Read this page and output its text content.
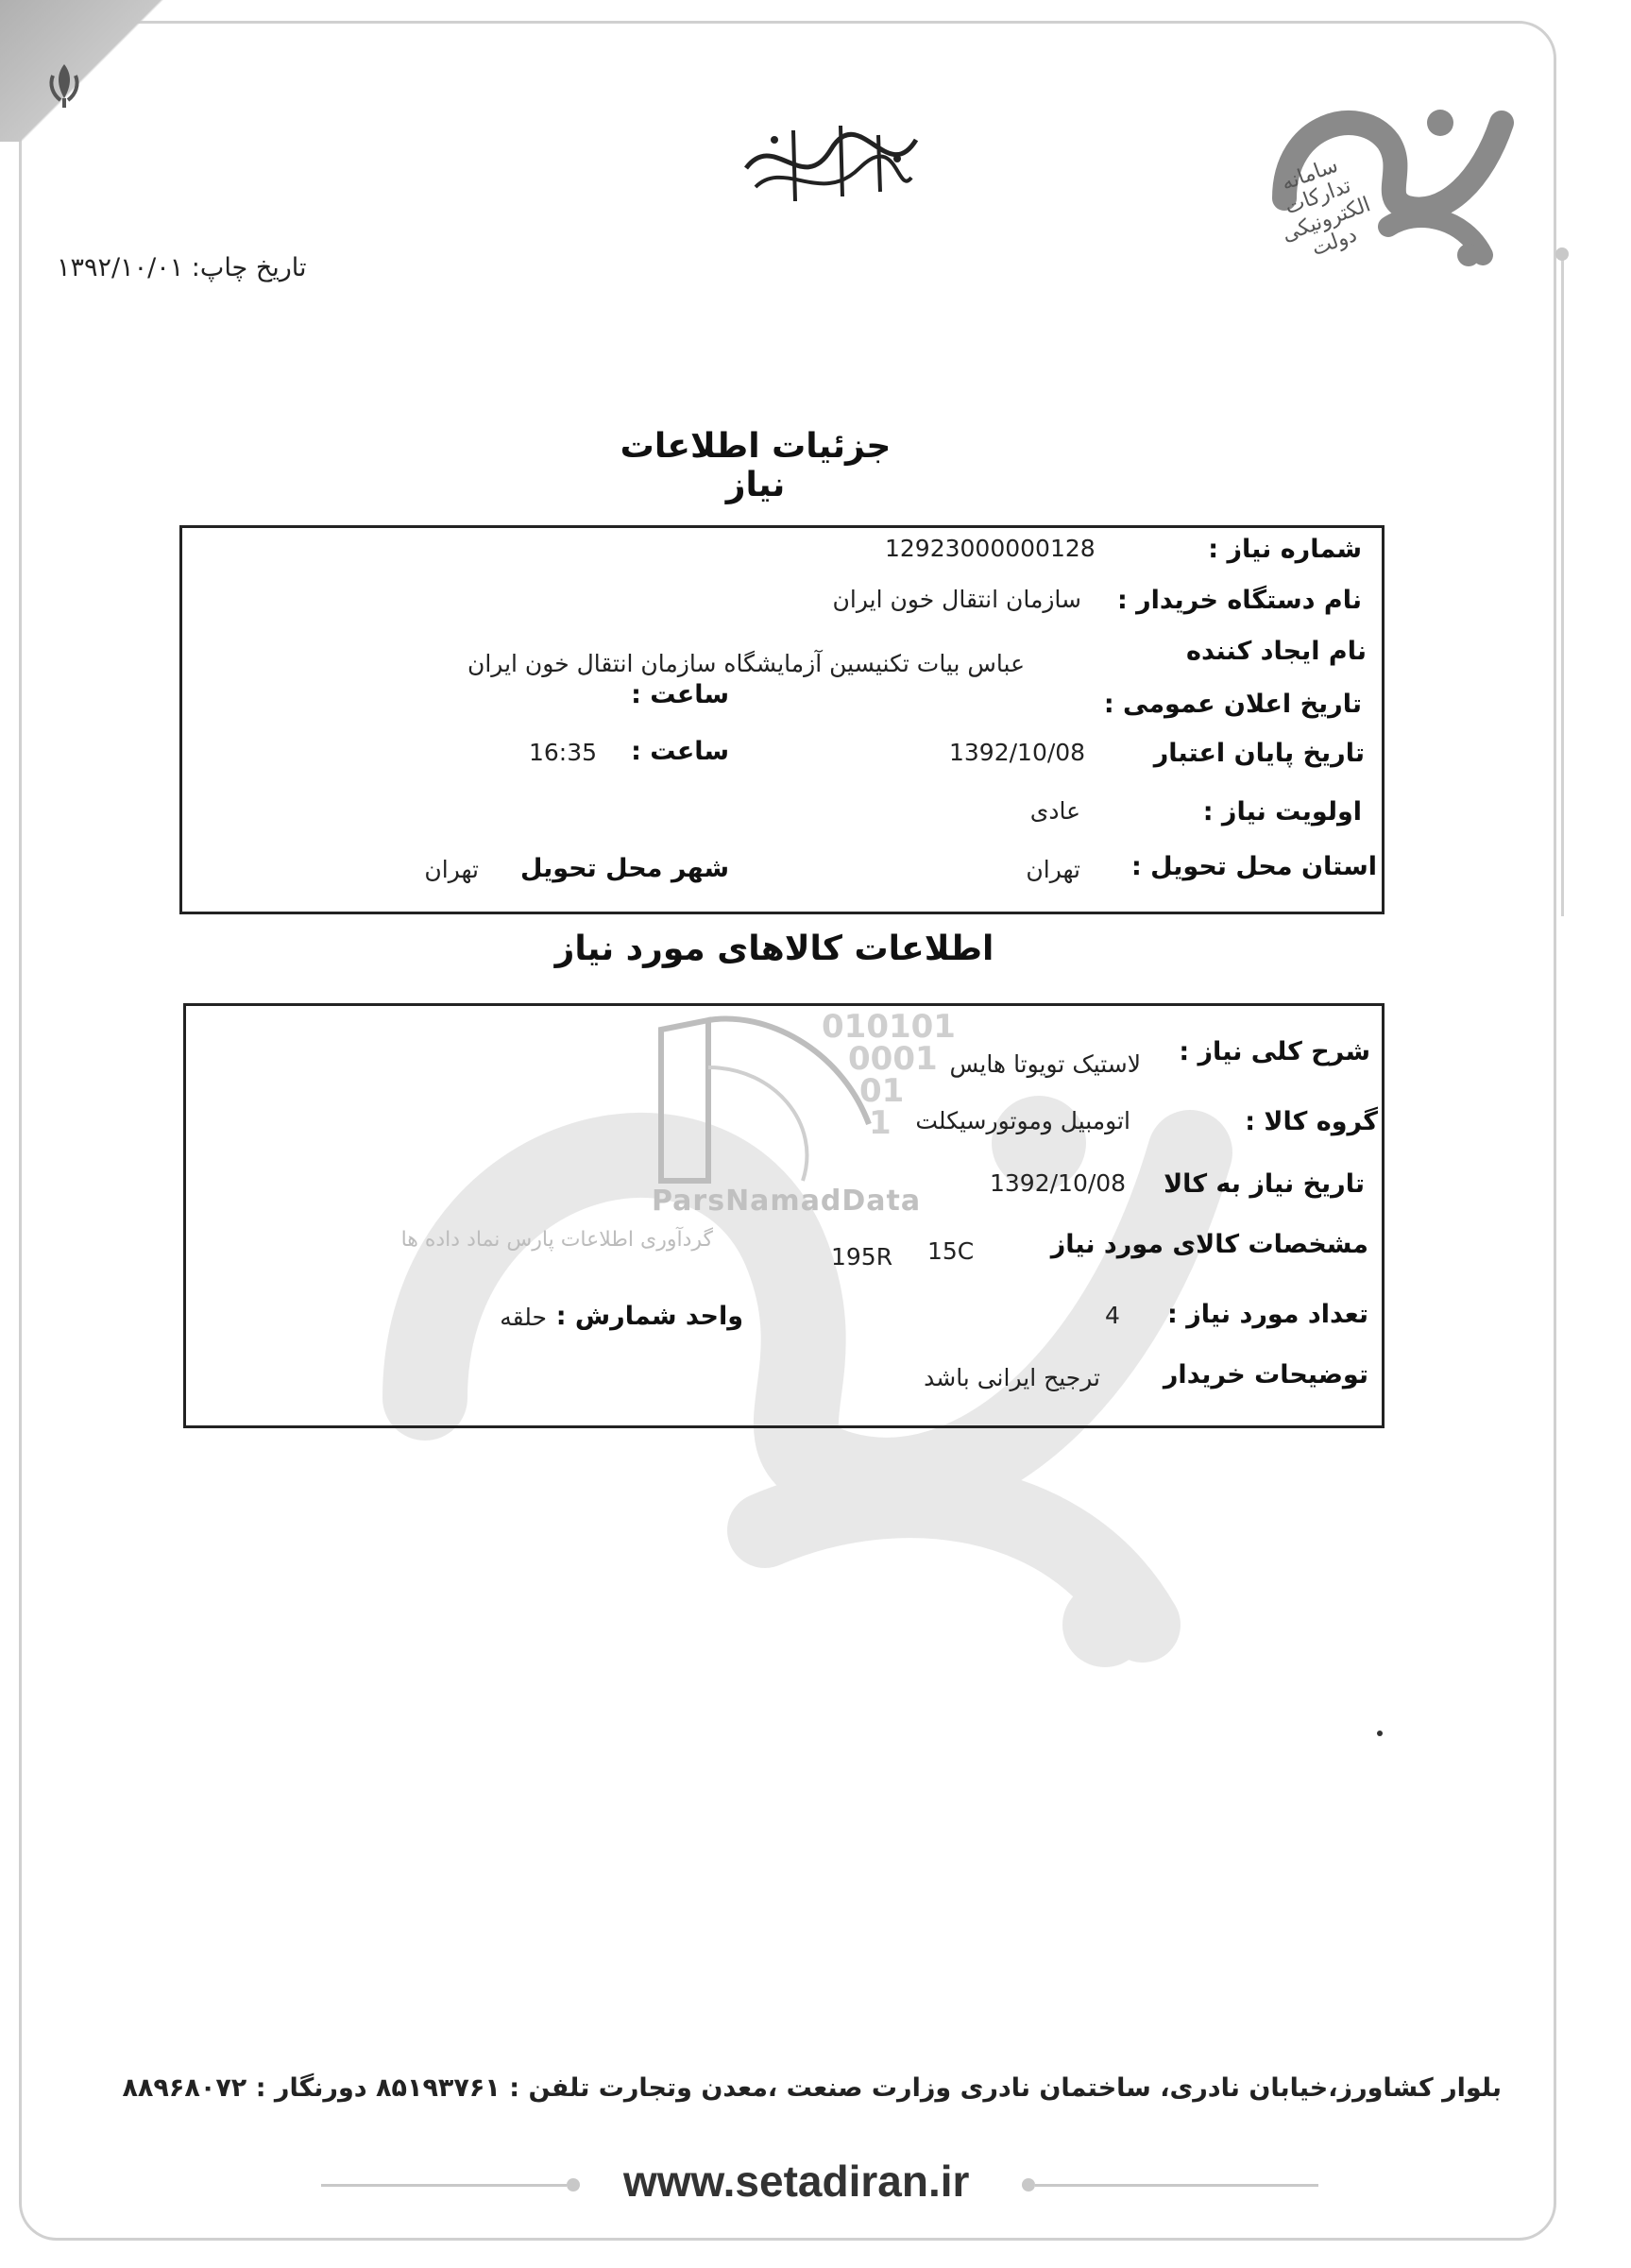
سامانه تدارکات الکترونیکی دولت
تاریخ چاپ: ۱۳۹۲/۱۰/۰۱
جزئیات اطلاعات نیاز
شماره نیاز :
12923000000128
نام دستگاه خریدار :
سازمان انتقال خون ایران
نام ایجاد کننده
عباس بیات تکنیسین آزمایشگاه سازمان انتقال خون ایران
تاریخ اعلان عمومی :
ساعت :
تاریخ پایان اعتبار
1392/10/08
ساعت :
16:35
اولویت نیاز :
عادی
استان محل تحویل :
تهران
شهر محل تحویل
تهران
اطلاعات کالاهای مورد نیاز
010101
0001
01
1
ParsNamadData
گردآوری اطلاعات پارس نماد داده ها
شرح کلی نیاز :
لاستیک تویوتا هایس
گروه کالا :
اتومبیل وموتورسیکلت
تاریخ نیاز به کالا
1392/10/08
مشخصات کالای مورد نیاز
195R 15C
تعداد مورد نیاز :
4
واحد شمارش :
حلقه
توضیحات خریدار
ترجیح ایرانی باشد
بلوار کشاورز،خیابان نادری، ساختمان نادری وزارت صنعت ،معدن وتجارت تلفن : ۸۵۱۹۳۷۶۱ دورنگار : ۸۸۹۶۸۰۷۲
www.setadiran.ir
